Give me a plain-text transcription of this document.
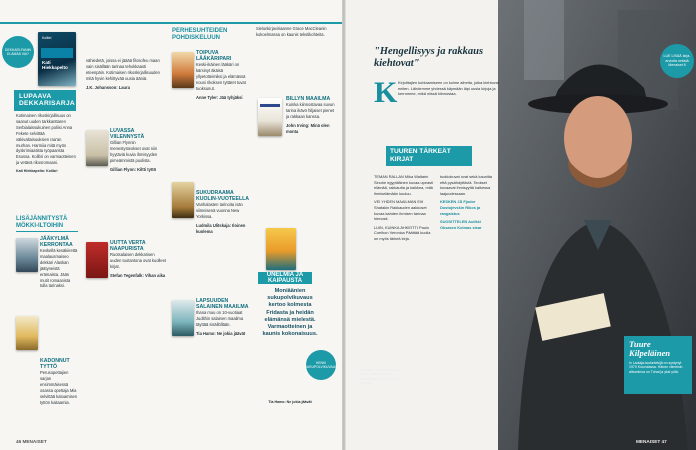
DEKKARI-FANIN ELÄMÄÄ VAI?
Kati Hiekkapelto
Kolibri
LUPAAVA DEKKARISARJA

Kotimainen rikoskirjallisuus on saanut uuden tarkkanttaren Serbialaissukuinen poliisi Anna Fekete selvittää väkivaltaisuuksien raa'an murhan. Harmiia mitä myös dyskrimiaatista työpaarista Esossa. Kolibri on varmaotteinen ja vetävä rikosromaani.

Kati Hiekkapelto: Kolibri

LISÄJÄNNITYSTÄ MÖKKI-ILTOIHIN
JÄÄKYLMÄ KERRONTAA

Keskellä kesäkiirettä maalausmaiseo dekkari Alaskan jäätyneistä erämaista. Jään mutit romaanista tulla tarinaksi.

KADONNUT TYTTÖ

Perusopettajien sarjan ensimmäisessä osassa opettaja Mia selvittää katoamisen tyttön kaitaamia.

46 MENAISET

vähiedetä, joissa ei jääää filosofeu maan vain sisällään tarinaa tehokkaasti eteenpäin. Kotimaisen rikoskirjallisuuden mitä hyvin kehittyvää uusia ääniä.

J.K. Johansson: Laura

LUVASSA VIILENNYSTÄ

Gillian Flynnin menestysteokset ovat niin hyytäviä kuvia ihmisyyden pimeämmistä puolista.

Gillian Flynn: Kiltti tyttö

UUTTA VERTA NAAPURISTA

Ruotsalaisen dekkarisen uuden tuotantona ovat kuolleet kirjat.

Stefan Tegenfalk: Vihan aika

PERHESUHTEIDEN POHDISKELUUN
TOIPUVA LÄÄKÄRIPARI

Keski-ikäinen lääkäri on kärsinyt äkäisä yllyetotteimiksi ja elämässä nousi rikoksen tyttäret tuvat tuoksunut.

Anne Tyler: Jää tyhjäksi

SUKUDRAAMA KUOLIN-VUOTEELLA

Vanhalasten tarinoita isän viimeisenä vuonna New Yorkissa.

Ludmila Ulitskaja: Iloinen kuolema

LAPSUUDEN SALAINEN MAAILMA

Ihana muu on 10-vuotiaat Judithin salainen maailma täyttää sisällöllään.

Tia Hamo: Ne jokia jäävät

Sielunkirjaviriaanne Grace MacCleanin kokoelmassa on kaunis tekstikohteita.

BILLYN MAAILMA

Kuinka kiinnostavaa suvun tarina ikävö hiljaiset pienet ja rakkaan kanssa.

John Irving: Minä olen monta

UNELMIA JA KAIPAUSTA
Moniäänien sukupolvikuvaus kertoo kolmesta Fridasta ja heidän elämänsä mielestä. Varmaotteinen ja kaunis kokonaisuus.
Tia Hamo: Ne jokia jäävät
HENKI SUKUPOLVIKUVAUS
LUE LISÄÄ kirja-arvioita netistä Menaiset.fi
"Hengellisyys ja rakkaus kiehtovat"
K Kirjoittajien kohtaamiseen on kolme aihetta, jotka kiehtovat eniten. Lähdemme yhdessä käymään läpi uusia kirjoja ja kerromme, mikä niissä kiinnostaa.

TUUREN TÄRKEÄT KIRJAT

TEMAN RALLAN Mika Waltarin Sinuhe egyptiläinen kuvaa upeasti elämää, rakkautta ja kaikkea, mitä ihmiselämään kuuluu.

VEI YHDEN MAAILMAN Elif Shafakin Rakkauden aakkoset kuvaa kahden ihmisen tarinaa hienosti.

LUIN, KUINKA ÄHKEITTI Paulo Coelhon Veronica Päättää kuolla on myös tärkeä kirja.

tuokiokuvat ovat sekä kauniita että pysähdyttäviä. Teokset kuvaavat ihmisyyttä kaikessa laajuudessaan.

KESKEN JÄ Fjodor Dostojevskin Rikos ja rangaistus

SUOSITTELEN Aulikki Oksasen Kolmas sisar

Musiikkia Tuure kuuntelee aivan kaikkea, minkä musiikkityyliä voi kuunnella ja tehdä.
Tuure Kilpeläinen
in Laulaja-lauluntekijä on syntynyt 1970 Kouvolassa. Hänen viimeisin albuminsa on Tuhat ja yksi yötä.
MENAISET 47
